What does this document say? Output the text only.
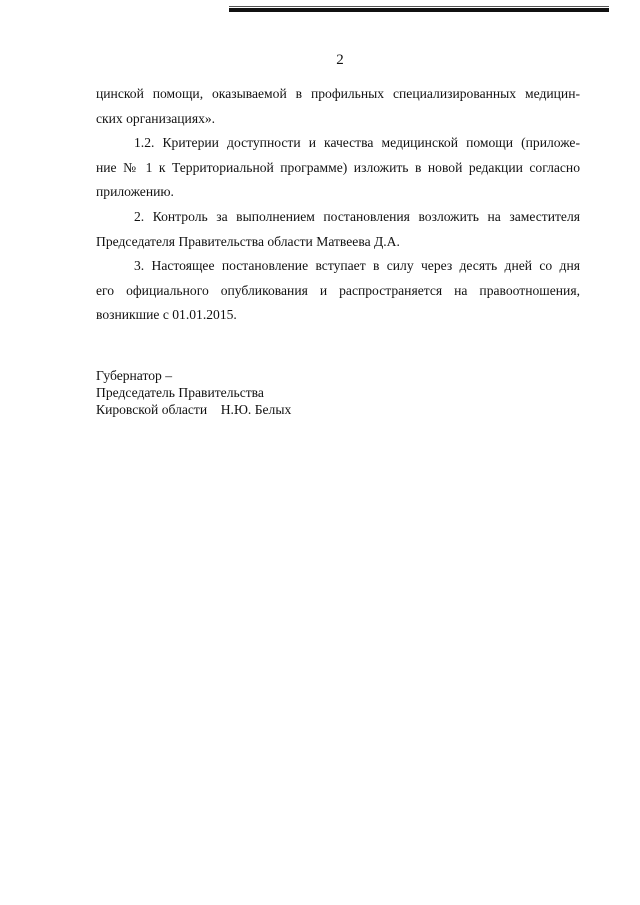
2
цинской помощи, оказываемой в профильных специализированных медицин-
ских организациях».
1.2. Критерии доступности и качества медицинской помощи (приложе-
ние № 1 к Территориальной программе) изложить в новой редакции согласно
приложению.
2. Контроль за выполнением постановления возложить на заместителя
Председателя Правительства области Матвеева Д.А.
3. Настоящее постановление вступает в силу через десять дней со дня
его официального опубликования и распространяется на правоотношения,
возникшие с 01.01.2015.
Губернатор –
Председатель Правительства
Кировской области    Н.Ю. Белых
